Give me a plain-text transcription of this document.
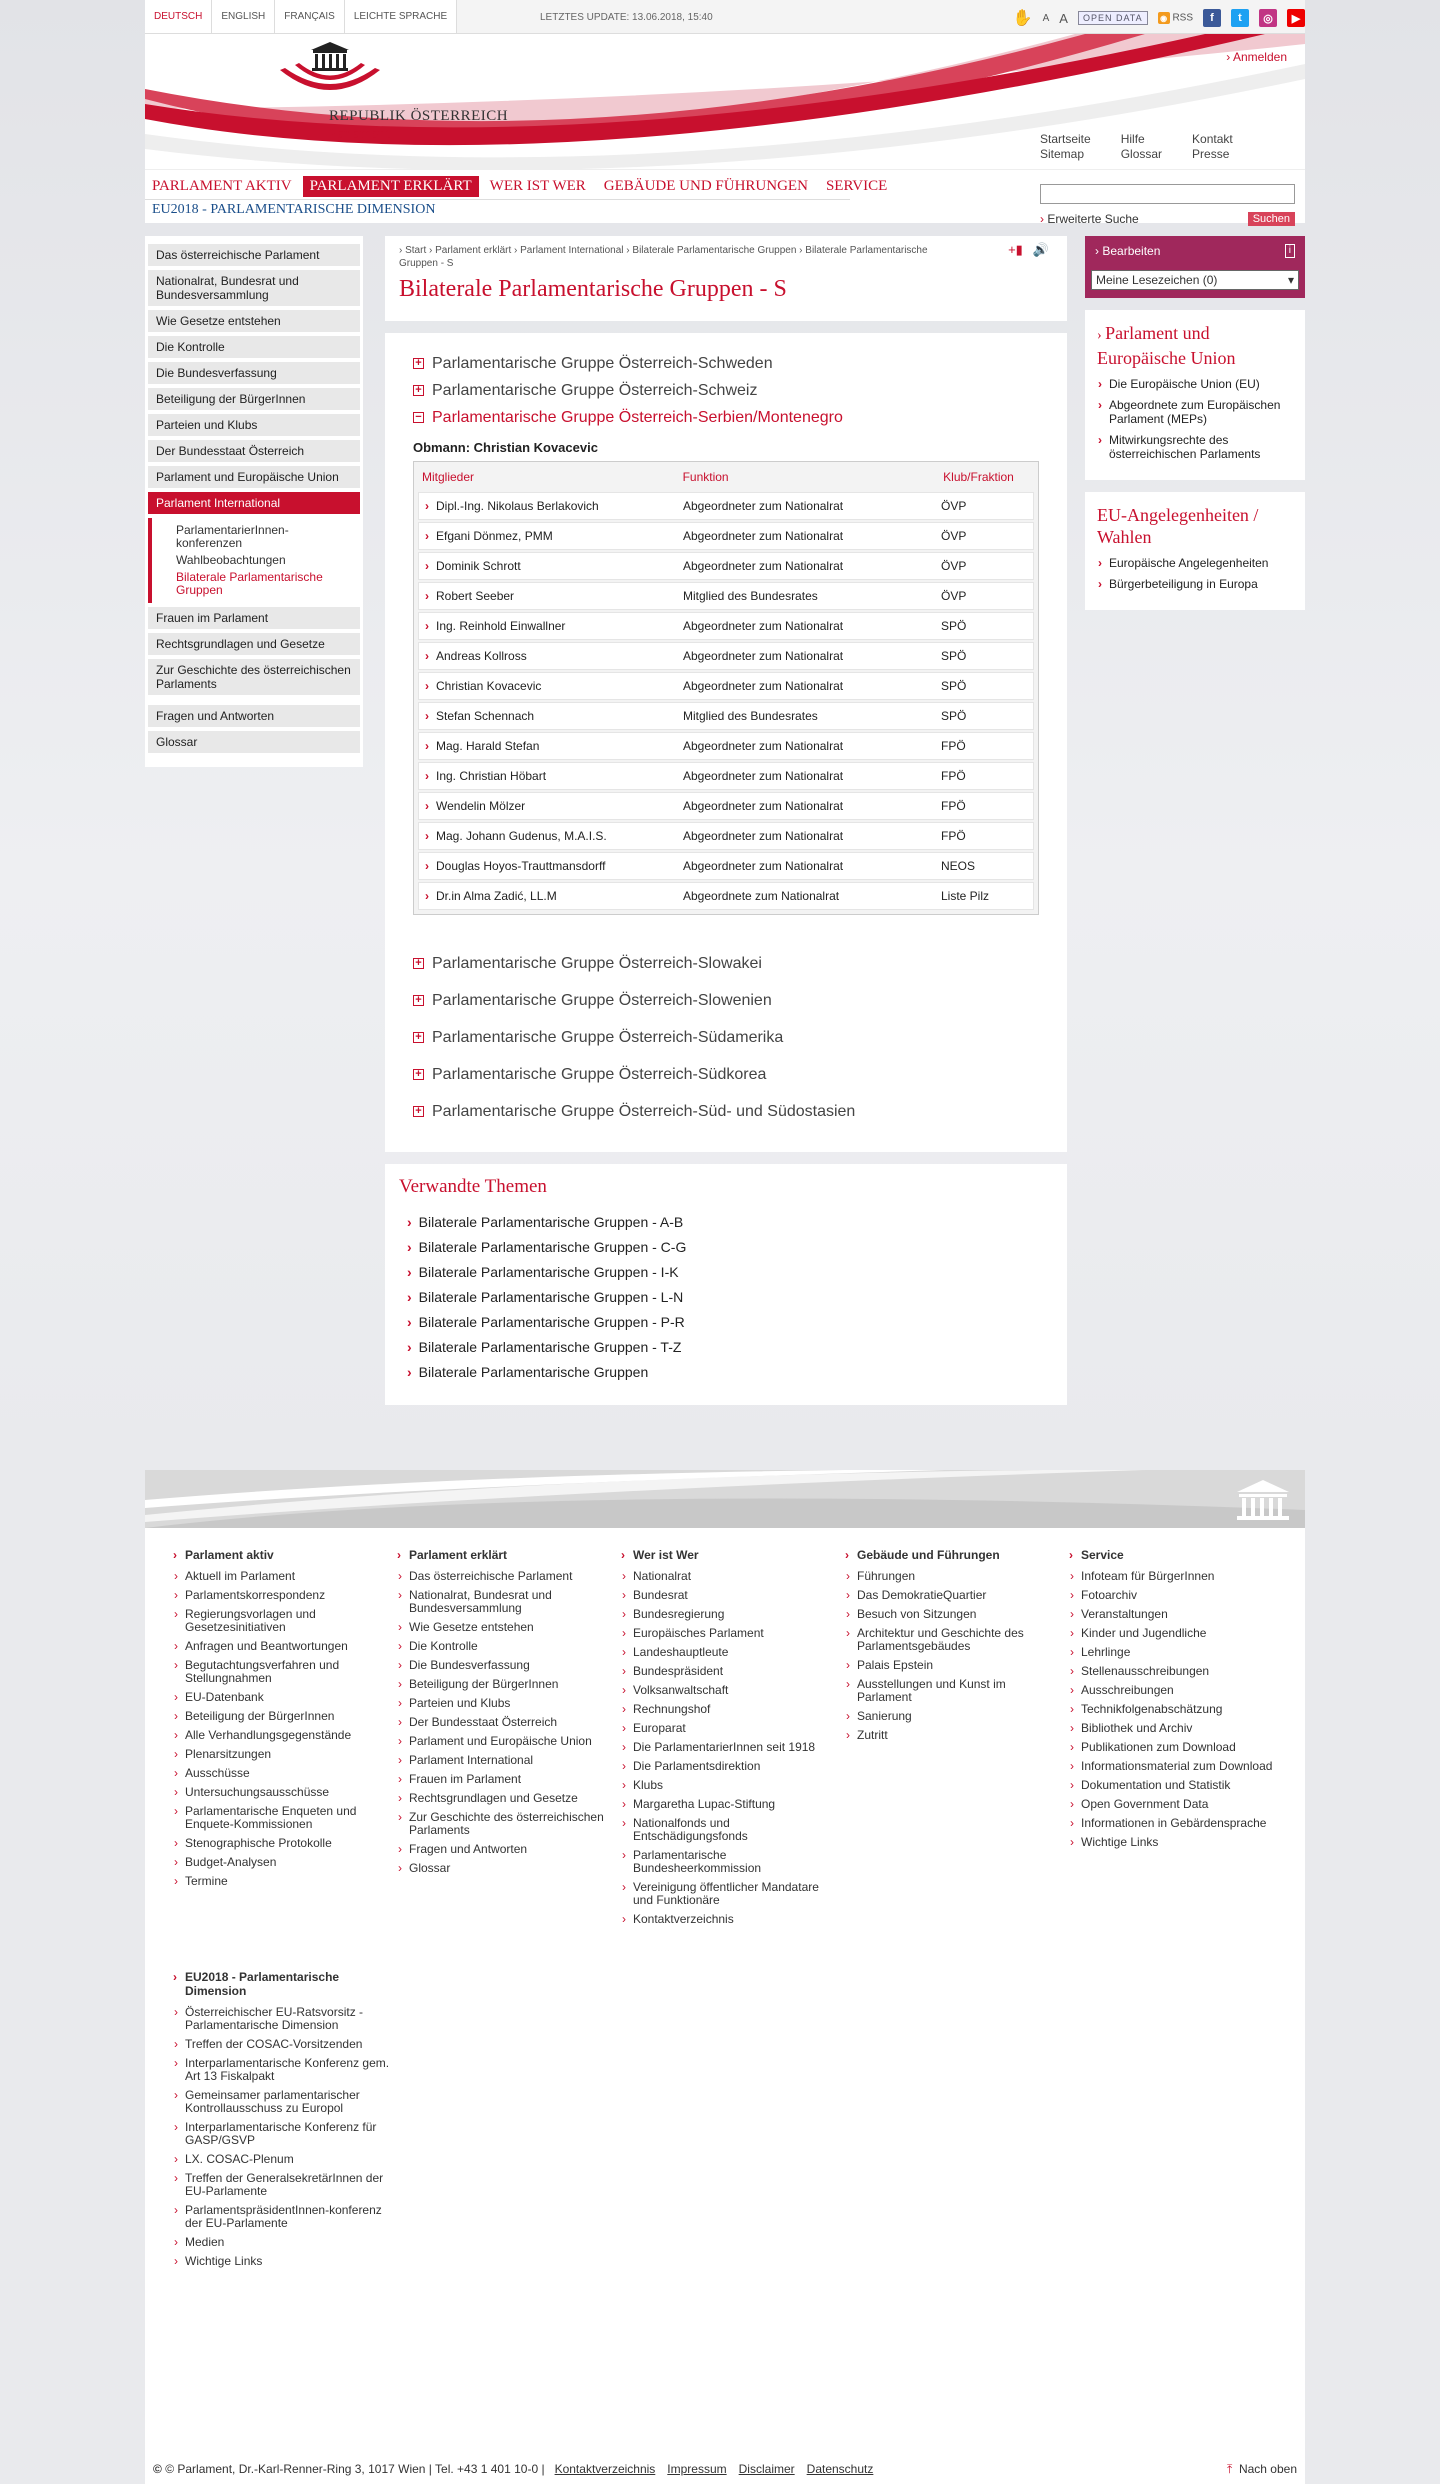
DEUTSCH	ENGLISH	FRANÇAIS	LEICHTE SPRACHE	LETZTES UPDATE: 13.06.2018, 15:40	✋ A A	OPEN DATA	◉ RSS	f	t	◎	▶
REPUBLIK ÖSTERREICH
Parlament
› Anmelden
Startseite
Sitemap
Hilfe
Glossar
Kontakt
Presse
PARLAMENT AKTIV	PARLAMENT ERKLÄRT	WER IST WER	GEBÄUDE UND FÜHRUNGEN	SERVICE
EU2018 - PARLAMENTARISCHE DIMENSION
› Erweiterte Suche	Suchen
Das österreichische Parlament
Nationalrat, Bundesrat und Bundesversammlung
Wie Gesetze entstehen
Die Kontrolle
Die Bundesverfassung
Beteiligung der BürgerInnen
Parteien und Klubs
Der Bundesstaat Österreich
Parlament und Europäische Union
Parlament International
ParlamentarierInnen-konferenzen
Wahlbeobachtungen
Bilaterale Parlamentarische Gruppen
Frauen im Parlament
Rechtsgrundlagen und Gesetze
Zur Geschichte des österreichischen Parlaments
Fragen und Antworten
Glossar
› Start › Parlament erklärt › Parlament International › Bilaterale Parlamentarische Gruppen › Bilaterale Parlamentarische Gruppen - S
Bilaterale Parlamentarische Gruppen - S
+▮ 🔊
+ Parlamentarische Gruppe Österreich-Schweden
+ Parlamentarische Gruppe Österreich-Schweiz
− Parlamentarische Gruppe Österreich-Serbien/Montenegro
Obmann: Christian Kovacevic
Mitglieder	Funktion	Klub/Fraktion
› Dipl.-Ing. Nikolaus Berlakovich	Abgeordneter zum Nationalrat	ÖVP
› Efgani Dönmez, PMM	Abgeordneter zum Nationalrat	ÖVP
› Dominik Schrott	Abgeordneter zum Nationalrat	ÖVP
› Robert Seeber	Mitglied des Bundesrates	ÖVP
› Ing. Reinhold Einwallner	Abgeordneter zum Nationalrat	SPÖ
› Andreas Kollross	Abgeordneter zum Nationalrat	SPÖ
› Christian Kovacevic	Abgeordneter zum Nationalrat	SPÖ
› Stefan Schennach	Mitglied des Bundesrates	SPÖ
› Mag. Harald Stefan	Abgeordneter zum Nationalrat	FPÖ
› Ing. Christian Höbart	Abgeordneter zum Nationalrat	FPÖ
› Wendelin Mölzer	Abgeordneter zum Nationalrat	FPÖ
› Mag. Johann Gudenus, M.A.I.S.	Abgeordneter zum Nationalrat	FPÖ
› Douglas Hoyos-Trauttmansdorff	Abgeordneter zum Nationalrat	NEOS
› Dr.in Alma Zadić, LL.M	Abgeordnete zum Nationalrat	Liste Pilz
+ Parlamentarische Gruppe Österreich-Slowakei
+ Parlamentarische Gruppe Österreich-Slowenien
+ Parlamentarische Gruppe Österreich-Südamerika
+ Parlamentarische Gruppe Österreich-Südkorea
+ Parlamentarische Gruppe Österreich-Süd- und Südostasien
Verwandte Themen
› Bilaterale Parlamentarische Gruppen - A-B
› Bilaterale Parlamentarische Gruppen - C-G
› Bilaterale Parlamentarische Gruppen - I-K
› Bilaterale Parlamentarische Gruppen - L-N
› Bilaterale Parlamentarische Gruppen - P-R
› Bilaterale Parlamentarische Gruppen - T-Z
› Bilaterale Parlamentarische Gruppen
› Bearbeiten	i
Meine Lesezeichen (0)	▾
› Parlament und Europäische Union
› Die Europäische Union (EU)
› Abgeordnete zum Europäischen Parlament (MEPs)
› Mitwirkungsrechte des österreichischen Parlaments
EU-Angelegenheiten / Wahlen
› Europäische Angelegenheiten
› Bürgerbeteiligung in Europa
› Parlament aktiv
› Aktuell im Parlament
› Parlamentskorrespondenz
› Regierungsvorlagen und Gesetzesinitiativen
› Anfragen und Beantwortungen
› Begutachtungsverfahren und Stellungnahmen
› EU-Datenbank
› Beteiligung der BürgerInnen
› Alle Verhandlungsgegenstände
› Plenarsitzungen
› Ausschüsse
› Untersuchungsausschüsse
› Parlamentarische Enqueten und Enquete-Kommissionen
› Stenographische Protokolle
› Budget-Analysen
› Termine
› Parlament erklärt
› Das österreichische Parlament
› Nationalrat, Bundesrat und Bundesversammlung
› Wie Gesetze entstehen
› Die Kontrolle
› Die Bundesverfassung
› Beteiligung der BürgerInnen
› Parteien und Klubs
› Der Bundesstaat Österreich
› Parlament und Europäische Union
› Parlament International
› Frauen im Parlament
› Rechtsgrundlagen und Gesetze
› Zur Geschichte des österreichischen Parlaments
› Fragen und Antworten
› Glossar
› Wer ist Wer
› Nationalrat
› Bundesrat
› Bundesregierung
› Europäisches Parlament
› Landeshauptleute
› Bundespräsident
› Volksanwaltschaft
› Rechnungshof
› Europarat
› Die ParlamentarierInnen seit 1918
› Die Parlamentsdirektion
› Klubs
› Margaretha Lupac-Stiftung
› Nationalfonds und Entschädigungsfonds
› Parlamentarische Bundesheerkommission
› Vereinigung öffentlicher Mandatare und Funktionäre
› Kontaktverzeichnis
› Gebäude und Führungen
› Führungen
› Das DemokratieQuartier
› Besuch von Sitzungen
› Architektur und Geschichte des Parlamentsgebäudes
› Palais Epstein
› Ausstellungen und Kunst im Parlament
› Sanierung
› Zutritt
› Service
› Infoteam für BürgerInnen
› Fotoarchiv
› Veranstaltungen
› Kinder und Jugendliche
› Lehrlinge
› Stellenausschreibungen
› Ausschreibungen
› Technikfolgenabschätzung
› Bibliothek und Archiv
› Publikationen zum Download
› Informationsmaterial zum Download
› Dokumentation und Statistik
› Open Government Data
› Informationen in Gebärdensprache
› Wichtige Links
› EU2018 - Parlamentarische Dimension
› Österreichischer EU-Ratsvorsitz - Parlamentarische Dimension
› Treffen der COSAC-Vorsitzenden
› Interparlamentarische Konferenz gem. Art 13 Fiskalpakt
› Gemeinsamer parlamentarischer Kontrollausschuss zu Europol
› Interparlamentarische Konferenz für GASP/GSVP
› LX. COSAC-Plenum
› Treffen der GeneralsekretärInnen der EU-Parlamente
› ParlamentspräsidentInnen-konferenz der EU-Parlamente
› Medien
› Wichtige Links
© © Parlament, Dr.-Karl-Renner-Ring 3, 1017 Wien | Tel. +43 1 401 10-0 | Kontaktverzeichnis Impressum Disclaimer Datenschutz	⤒ Nach oben
